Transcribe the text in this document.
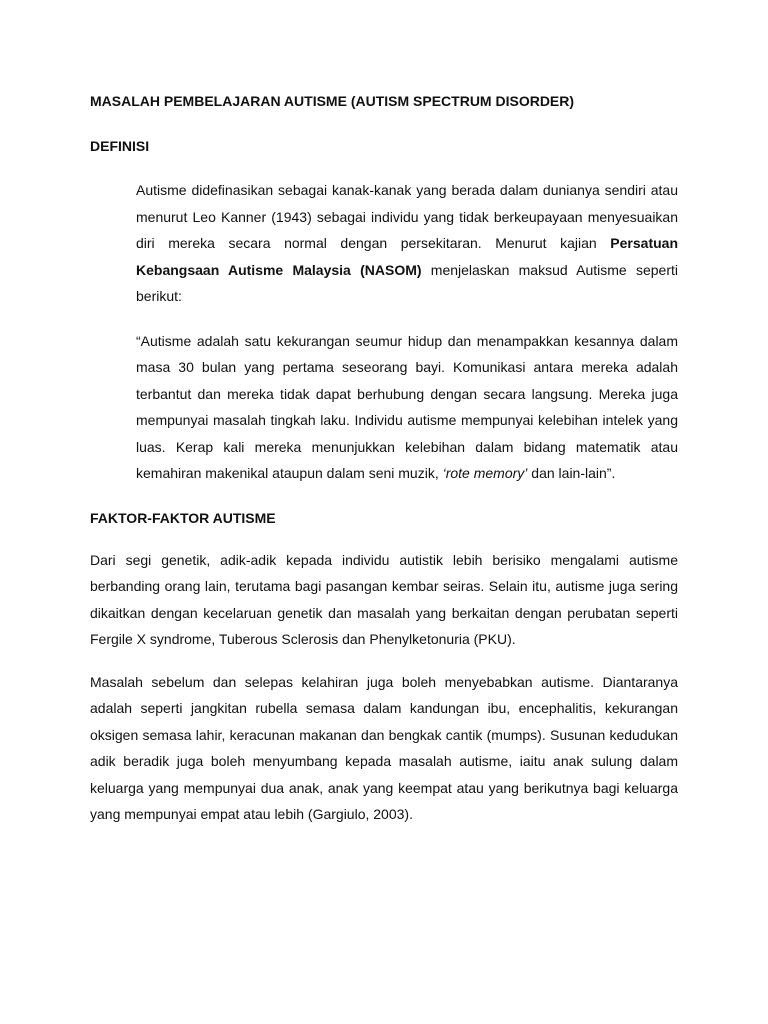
MASALAH PEMBELAJARAN AUTISME (AUTISM SPECTRUM DISORDER)
DEFINISI

Autisme didefinasikan sebagai kanak-kanak yang berada dalam dunianya sendiri atau menurut Leo Kanner (1943) sebagai individu yang tidak berkeupayaan menyesuaikan diri mereka secara normal dengan persekitaran. Menurut kajian Persatuan Kebangsaan Autisme Malaysia (NASOM) menjelaskan maksud Autisme seperti berikut:

“Autisme adalah satu kekurangan seumur hidup dan menampakkan kesannya dalam masa 30 bulan yang pertama seseorang bayi. Komunikasi antara mereka adalah terbantut dan mereka tidak dapat berhubung dengan secara langsung. Mereka juga mempunyai masalah tingkah laku. Individu autisme mempunyai kelebihan intelek yang luas. Kerap kali mereka menunjukkan kelebihan dalam bidang matematik atau kemahiran makenikal ataupun dalam seni muzik, ‘rote memory’ dan lain-lain”.

FAKTOR-FAKTOR AUTISME

Dari segi genetik, adik-adik kepada individu autistik lebih berisiko mengalami autisme berbanding orang lain, terutama bagi pasangan kembar seiras. Selain itu, autisme juga sering dikaitkan dengan kecelaruan genetik dan masalah yang berkaitan dengan perubatan seperti Fergile X syndrome, Tuberous Sclerosis dan Phenylketonuria (PKU).

Masalah sebelum dan selepas kelahiran juga boleh menyebabkan autisme. Diantaranya adalah seperti jangkitan rubella semasa dalam kandungan ibu, encephalitis, kekurangan oksigen semasa lahir, keracunan makanan dan bengkak cantik (mumps). Susunan kedudukan adik beradik juga boleh menyumbang kepada masalah autisme, iaitu anak sulung dalam keluarga yang mempunyai dua anak, anak yang keempat atau yang berikutnya bagi keluarga yang mempunyai empat atau lebih (Gargiulo, 2003).
